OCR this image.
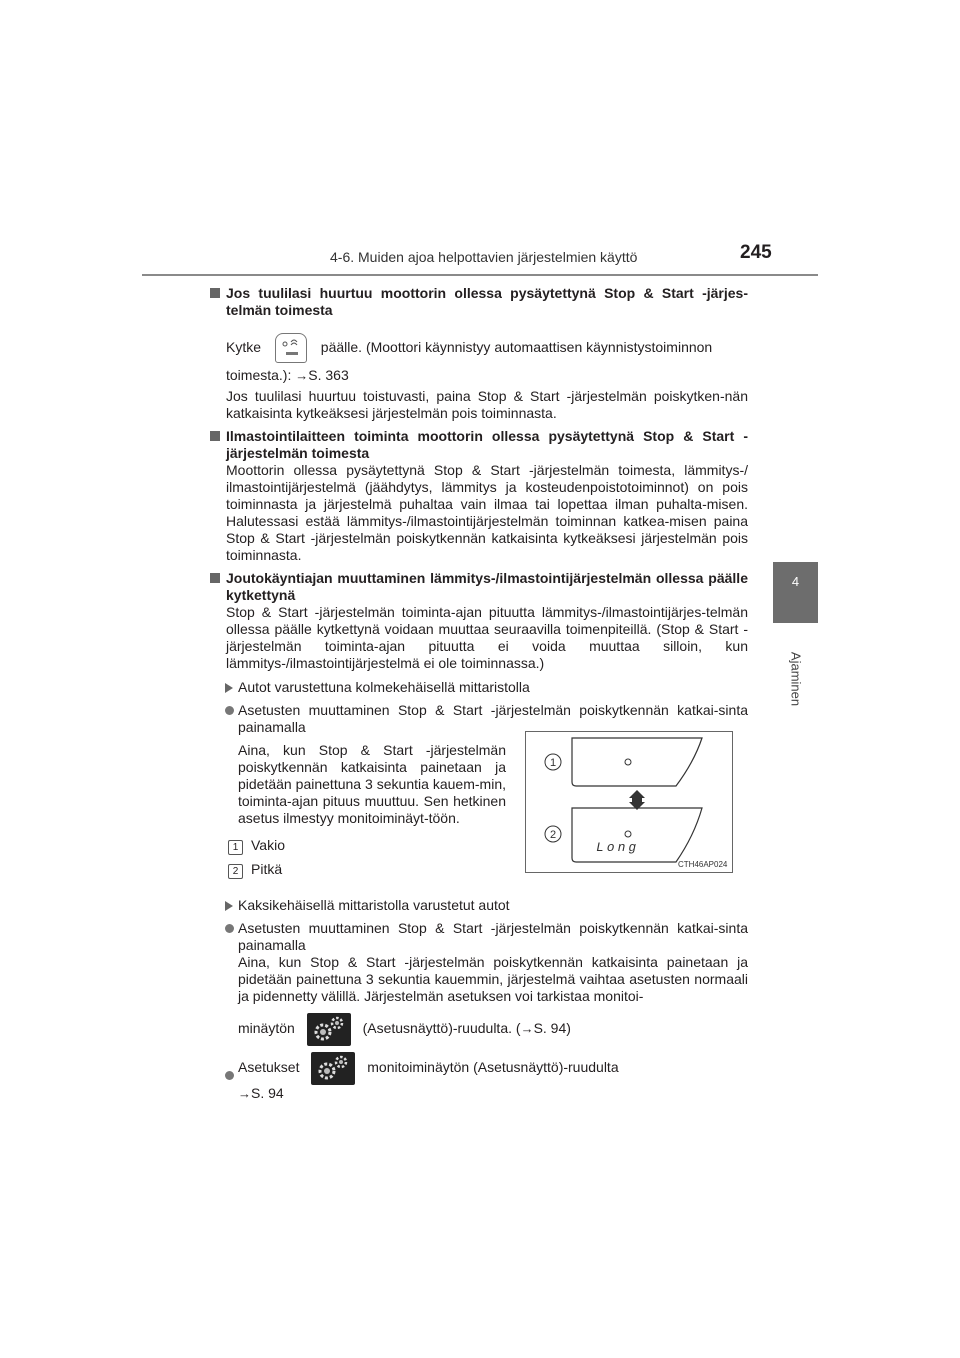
4-6. Muiden ajoa helpottavien järjestelmien käyttö	245
4
Ajaminen
Jos tuulilasi huurtuu moottorin ollessa pysäytettynä Stop & Start -järjes-telmän toimesta

Kytke	päälle. (Moottori käynnistyy automaattisen käynnistystoiminnon

toimesta.): →S. 363

Jos tuulilasi huurtuu toistuvasti, paina Stop & Start -järjestelmän poiskytken-nän katkaisinta kytkeäksesi järjestelmän pois toiminnasta.

Ilmastointilaitteen toiminta moottorin ollessa pysäytettynä Stop & Start -järjestelmän toimesta

Moottorin ollessa pysäytettynä Stop & Start -järjestelmän toimesta, lämmitys-/ ilmastointijärjestelmä (jäähdytys, lämmitys ja kosteudenpoistotoiminnot) on pois toiminnasta ja järjestelmä puhaltaa vain ilmaa tai lopettaa ilman puhalta-misen. Halutessasi estää lämmitys-/ilmastointijärjestelmän toiminnan katkea-misen paina Stop & Start -järjestelmän poiskytkennän katkaisinta kytkeäksesi järjestelmän pois toiminnasta.

Joutokäyntiajan muuttaminen lämmitys-/ilmastointijärjestelmän ollessa päälle kytkettynä

Stop & Start -järjestelmän toiminta-ajan pituutta lämmitys-/ilmastointijärjes-telmän ollessa päälle kytkettynä voidaan muuttaa seuraavilla toimenpiteillä. (Stop & Start -järjestelmän toiminta-ajan pituutta ei voida muuttaa silloin, kun lämmitys-/ilmastointijärjestelmä ei ole toiminnassa.)

Autot varustettuna kolmekehäisellä mittaristolla
Asetusten muuttaminen Stop & Start -järjestelmän poiskytkennän katkai-sinta painamalla
Aina, kun Stop & Start -järjestelmän poiskytkennän katkaisinta painetaan ja pidetään painettuna 3 sekuntia kauem-min, toiminta-ajan pituus muuttuu. Sen hetkinen asetus ilmestyy monitoiminäyt-töön.
1 Vakio
2 Pitkä
Kaksikehäisellä mittaristolla varustetut autot
Asetusten muuttaminen Stop & Start -järjestelmän poiskytkennän katkai-sinta painamalla
Aina, kun Stop & Start -järjestelmän poiskytkennän katkaisinta painetaan ja pidetään painettuna 3 sekuntia kauemmin, järjestelmä vaihtaa asetusten normaali ja pidennetty välillä. Järjestelmän asetuksen voi tarkistaa monitoi-
minäytön	(Asetusnäyttö)-ruudulta. (→S. 94)
Asetukset	monitoiminäytön (Asetusnäyttö)-ruudulta
→S. 94
Long
1
2
CTH46AP024
